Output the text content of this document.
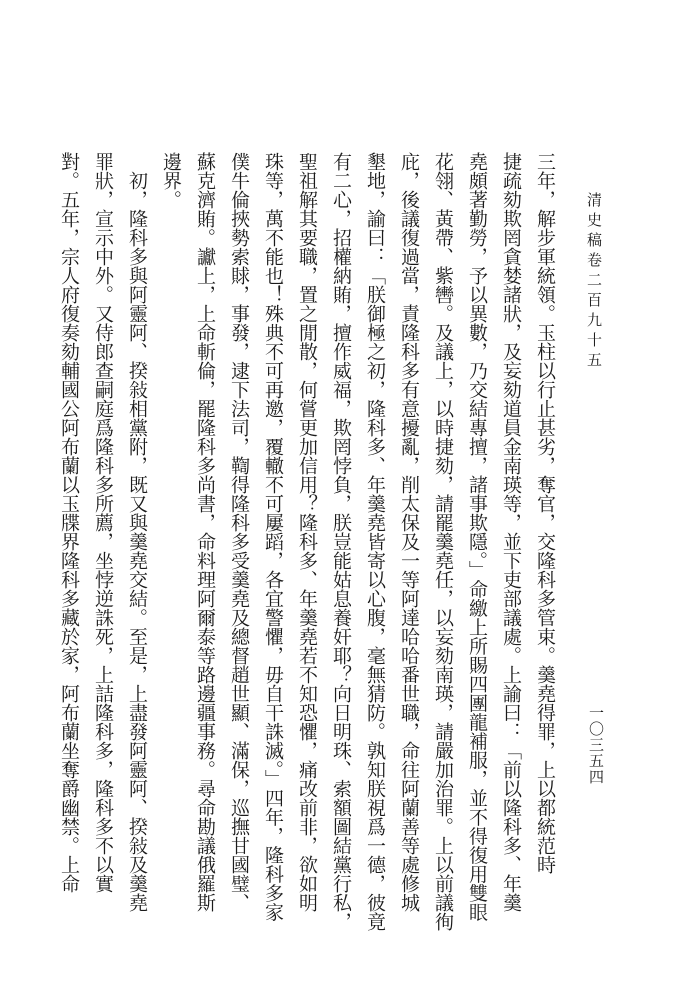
清史稿卷二百九十五
一〇三五四
三年，解步軍統領。玉柱以行止甚劣，奪官，交隆科多管束。羹堯得罪，上以都統范時
捷疏劾欺罔貪婪諸狀，及妄劾道員金南瑛等，並下吏部議處。上諭曰：「前以隆科多、年羹
堯頗著勤勞，予以異數，乃交結專擅，諸事欺隱。」命繳上所賜四團龍補服，並不得復用雙眼
花翎、黃帶、紫轡。及議上，以時捷劾，請罷羹堯任，以妄劾南瑛，請嚴加治罪。上以前議徇
庇，後議復過當，責隆科多有意擾亂，削太保及一等阿達哈哈番世職，命往阿蘭善等處修城
墾地，諭曰：「朕御極之初，隆科多、年羹堯皆寄以心腹，毫無猜防。孰知朕視爲一德，彼竟
有二心，招權納賄，擅作威福，欺罔悖負，朕豈能姑息養奸耶？向日明珠、索額圖結黨行私，
聖祖解其要職，置之閒散，何嘗更加信用？隆科多、年羹堯若不知恐懼，痛改前非，欲如明
珠等，萬不能也！殊典不可再邀，覆轍不可屢蹈，各宜警懼，毋自干誅滅。」四年，隆科多家
僕牛倫挾勢索賕，事發，逮下法司，鞫得隆科多受羹堯及總督趙世顯、滿保，巡撫甘國璧、
蘇克濟賄。讞上，上命斬倫，罷隆科多尚書，命料理阿爾泰等路邊疆事務。尋命勘議俄羅斯
邊界。
初，隆科多與阿靈阿、揆敍相黨附，既又與羹堯交結。至是，上盡發阿靈阿、揆敍及羹堯
罪狀，宣示中外。又侍郎查嗣庭爲隆科多所薦，坐悖逆誅死，上詰隆科多，隆科多不以實
對。五年，宗人府復奏劾輔國公阿布蘭以玉牒界隆科多藏於家，阿布蘭坐奪爵幽禁。上命
